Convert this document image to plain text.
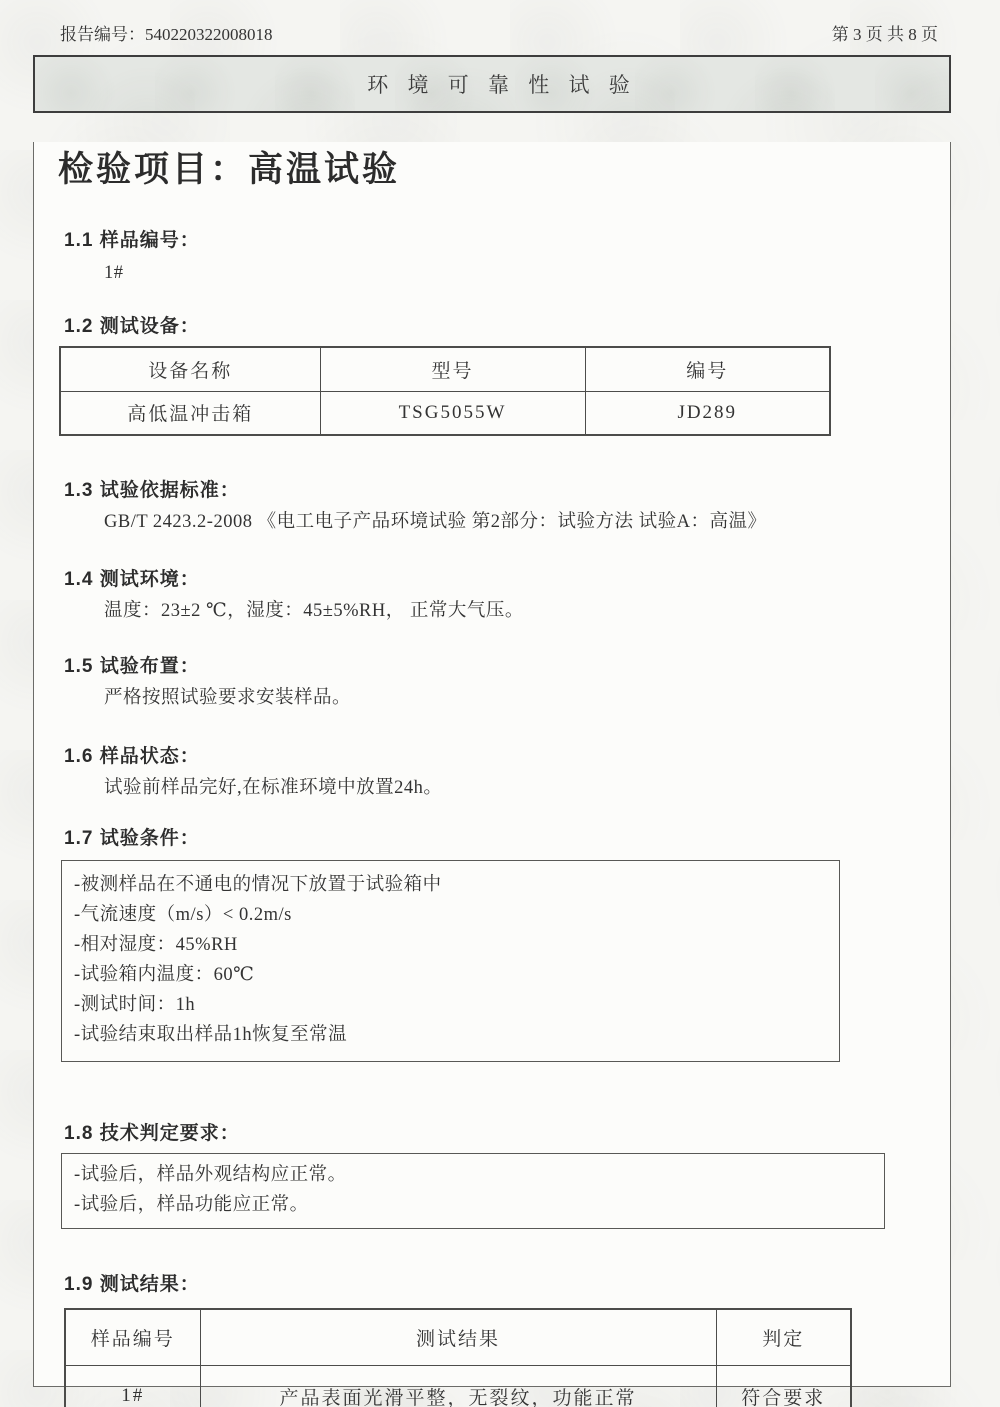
报告编号：540220322008018	第 3 页 共 8 页
环 境 可 靠 性 试 验
检验项目：高温试验
1.1 样品编号：
1#
1.2 测试设备：
设备名称	型号	编号
高低温冲击箱	TSG5055W	JD289
1.3 试验依据标准：
GB/T 2423.2-2008 《电工电子产品环境试验 第2部分：试验方法 试验A：高温》
1.4 测试环境：
温度：23±2 ℃，湿度：45±5%RH， 正常大气压。
1.5 试验布置：
严格按照试验要求安装样品。
1.6 样品状态：
试验前样品完好,在标准环境中放置24h。
1.7 试验条件：
-被测样品在不通电的情况下放置于试验箱中
-气流速度（m/s）< 0.2m/s
-相对湿度：45%RH
-试验箱内温度：60℃
-测试时间：1h
-试验结束取出样品1h恢复至常温
1.8 技术判定要求：
-试验后，样品外观结构应正常。
-试验后，样品功能应正常。
1.9 测试结果：
样品编号	测试结果	判定
1#	产品表面光滑平整，无裂纹，功能正常	符合要求
